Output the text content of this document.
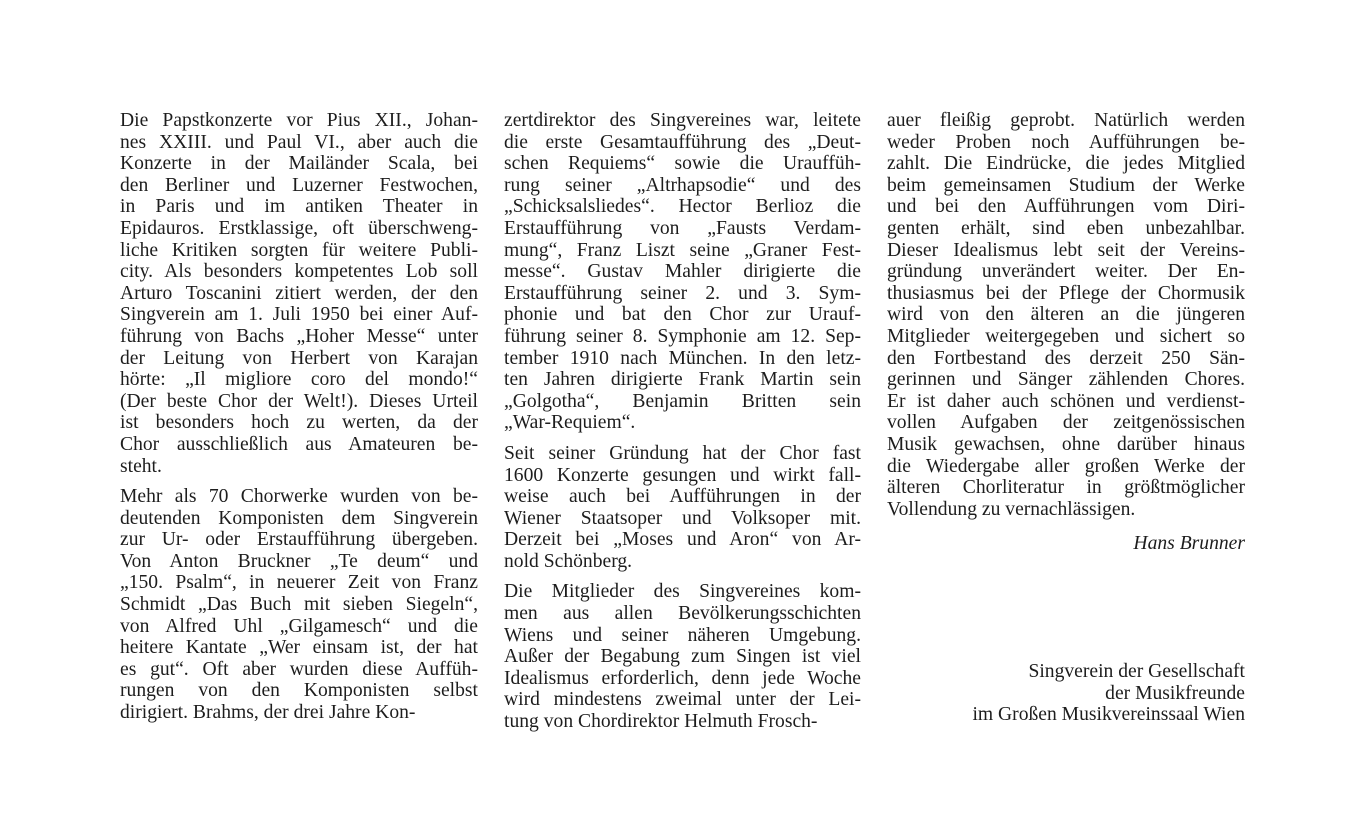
Die Papstkonzerte vor Pius XII., Johan-
nes XXIII. und Paul VI., aber auch die
Konzerte in der Mailänder Scala, bei
den Berliner und Luzerner Festwochen,
in Paris und im antiken Theater in
Epidauros. Erstklassige, oft überschweng-
liche Kritiken sorgten für weitere Publi-
city. Als besonders kompetentes Lob soll
Arturo Toscanini zitiert werden, der den
Singverein am 1. Juli 1950 bei einer Auf-
führung von Bachs „Hoher Messe“ unter
der Leitung von Herbert von Karajan
hörte: „Il migliore coro del mondo!“
(Der beste Chor der Welt!). Dieses Urteil
ist besonders hoch zu werten, da der
Chor ausschließlich aus Amateuren be-
steht.

Mehr als 70 Chorwerke wurden von be-
deutenden Komponisten dem Singverein
zur Ur- oder Erstaufführung übergeben.
Von Anton Bruckner „Te deum“ und
„150. Psalm“, in neuerer Zeit von Franz
Schmidt „Das Buch mit sieben Siegeln“,
von Alfred Uhl „Gilgamesch“ und die
heitere Kantate „Wer einsam ist, der hat
es gut“. Oft aber wurden diese Auffüh-
rungen von den Komponisten selbst
dirigiert. Brahms, der drei Jahre Kon-

zertdirektor des Singvereines war, leitete
die erste Gesamtaufführung des „Deut-
schen Requiems“ sowie die Urauffüh-
rung seiner „Altrhapsodie“ und des
„Schicksalsliedes“. Hector Berlioz die
Erstaufführung von „Fausts Verdam-
mung“, Franz Liszt seine „Graner Fest-
messe“. Gustav Mahler dirigierte die
Erstaufführung seiner 2. und 3. Sym-
phonie und bat den Chor zur Urauf-
führung seiner 8. Symphonie am 12. Sep-
tember 1910 nach München. In den letz-
ten Jahren dirigierte Frank Martin sein
„Golgotha“, Benjamin Britten sein
„War-Requiem“.

Seit seiner Gründung hat der Chor fast
1600 Konzerte gesungen und wirkt fall-
weise auch bei Aufführungen in der
Wiener Staatsoper und Volksoper mit.
Derzeit bei „Moses und Aron“ von Ar-
nold Schönberg.

Die Mitglieder des Singvereines kom-
men aus allen Bevölkerungsschichten
Wiens und seiner näheren Umgebung.
Außer der Begabung zum Singen ist viel
Idealismus erforderlich, denn jede Woche
wird mindestens zweimal unter der Lei-
tung von Chordirektor Helmuth Frosch-

auer fleißig geprobt. Natürlich werden
weder Proben noch Aufführungen be-
zahlt. Die Eindrücke, die jedes Mitglied
beim gemeinsamen Studium der Werke
und bei den Aufführungen vom Diri-
genten erhält, sind eben unbezahlbar.
Dieser Idealismus lebt seit der Vereins-
gründung unverändert weiter. Der En-
thusiasmus bei der Pflege der Chormusik
wird von den älteren an die jüngeren
Mitglieder weitergegeben und sichert so
den Fortbestand des derzeit 250 Sän-
gerinnen und Sänger zählenden Chores.
Er ist daher auch schönen und verdienst-
vollen Aufgaben der zeitgenössischen
Musik gewachsen, ohne darüber hinaus
die Wiedergabe aller großen Werke der
älteren Chorliteratur in größtmöglicher
Vollendung zu vernachlässigen.

Hans Brunner
Singverein der Gesellschaft
der Musikfreunde
im Großen Musikvereinssaal Wien
